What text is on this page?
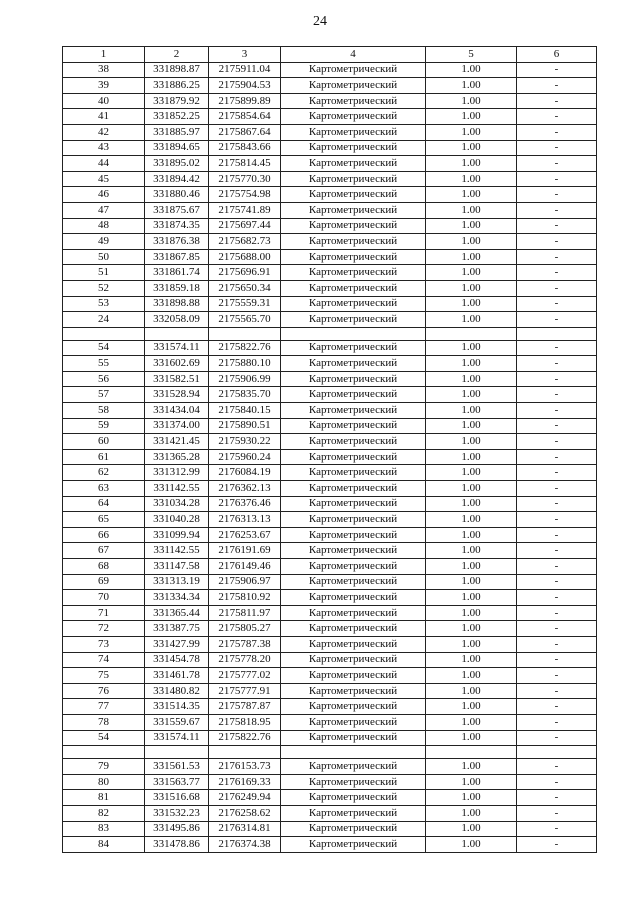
24
1	2	3	4	5	6
38	331898.87	2175911.04	Картометрический	1.00	-
39	331886.25	2175904.53	Картометрический	1.00	-
40	331879.92	2175899.89	Картометрический	1.00	-
41	331852.25	2175854.64	Картометрический	1.00	-
42	331885.97	2175867.64	Картометрический	1.00	-
43	331894.65	2175843.66	Картометрический	1.00	-
44	331895.02	2175814.45	Картометрический	1.00	-
45	331894.42	2175770.30	Картометрический	1.00	-
46	331880.46	2175754.98	Картометрический	1.00	-
47	331875.67	2175741.89	Картометрический	1.00	-
48	331874.35	2175697.44	Картометрический	1.00	-
49	331876.38	2175682.73	Картометрический	1.00	-
50	331867.85	2175688.00	Картометрический	1.00	-
51	331861.74	2175696.91	Картометрический	1.00	-
52	331859.18	2175650.34	Картометрический	1.00	-
53	331898.88	2175559.31	Картометрический	1.00	-
24	332058.09	2175565.70	Картометрический	1.00	-

54	331574.11	2175822.76	Картометрический	1.00	-
55	331602.69	2175880.10	Картометрический	1.00	-
56	331582.51	2175906.99	Картометрический	1.00	-
57	331528.94	2175835.70	Картометрический	1.00	-
58	331434.04	2175840.15	Картометрический	1.00	-
59	331374.00	2175890.51	Картометрический	1.00	-
60	331421.45	2175930.22	Картометрический	1.00	-
61	331365.28	2175960.24	Картометрический	1.00	-
62	331312.99	2176084.19	Картометрический	1.00	-
63	331142.55	2176362.13	Картометрический	1.00	-
64	331034.28	2176376.46	Картометрический	1.00	-
65	331040.28	2176313.13	Картометрический	1.00	-
66	331099.94	2176253.67	Картометрический	1.00	-
67	331142.55	2176191.69	Картометрический	1.00	-
68	331147.58	2176149.46	Картометрический	1.00	-
69	331313.19	2175906.97	Картометрический	1.00	-
70	331334.34	2175810.92	Картометрический	1.00	-
71	331365.44	2175811.97	Картометрический	1.00	-
72	331387.75	2175805.27	Картометрический	1.00	-
73	331427.99	2175787.38	Картометрический	1.00	-
74	331454.78	2175778.20	Картометрический	1.00	-
75	331461.78	2175777.02	Картометрический	1.00	-
76	331480.82	2175777.91	Картометрический	1.00	-
77	331514.35	2175787.87	Картометрический	1.00	-
78	331559.67	2175818.95	Картометрический	1.00	-
54	331574.11	2175822.76	Картометрический	1.00	-

79	331561.53	2176153.73	Картометрический	1.00	-
80	331563.77	2176169.33	Картометрический	1.00	-
81	331516.68	2176249.94	Картометрический	1.00	-
82	331532.23	2176258.62	Картометрический	1.00	-
83	331495.86	2176314.81	Картометрический	1.00	-
84	331478.86	2176374.38	Картометрический	1.00	-
